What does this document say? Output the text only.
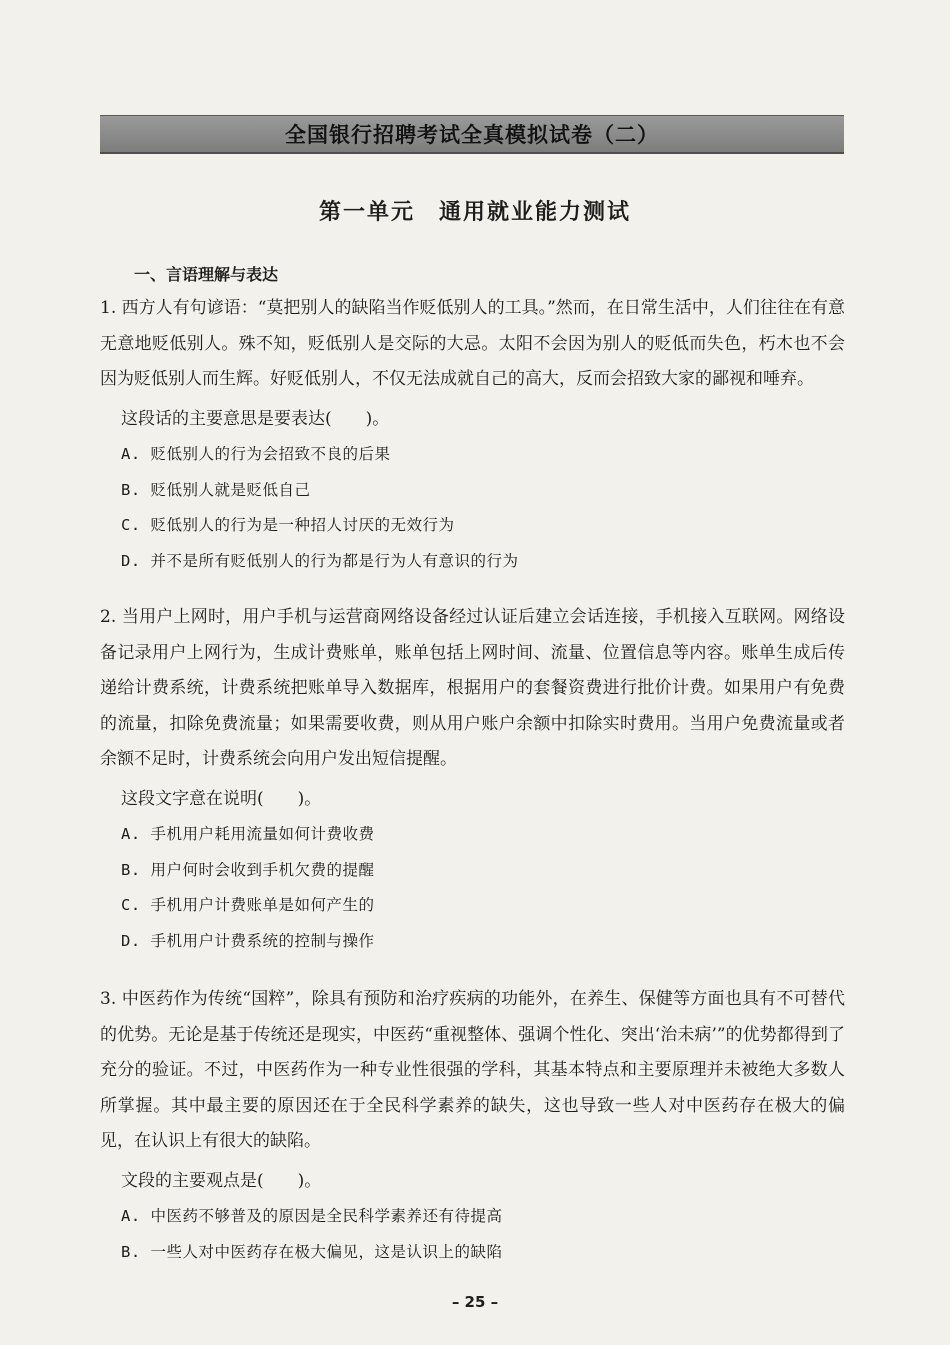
全国银行招聘考试全真模拟试卷（二）
第一单元　通用就业能力测试
一、言语理解与表达

1. 西方人有句谚语：“莫把别人的缺陷当作贬低别人的工具。”然而，在日常生活中，人们往往在有意无意地贬低别人。殊不知，贬低别人是交际的大忌。太阳不会因为别人的贬低而失色，朽木也不会因为贬低别人而生辉。好贬低别人，不仅无法成就自己的高大，反而会招致大家的鄙视和唾弃。

这段话的主要意思是要表达(　　)。

A. 贬低别人的行为会招致不良的后果

B. 贬低别人就是贬低自己

C. 贬低别人的行为是一种招人讨厌的无效行为

D. 并不是所有贬低别人的行为都是行为人有意识的行为

2. 当用户上网时，用户手机与运营商网络设备经过认证后建立会话连接，手机接入互联网。网络设备记录用户上网行为，生成计费账单，账单包括上网时间、流量、位置信息等内容。账单生成后传递给计费系统，计费系统把账单导入数据库，根据用户的套餐资费进行批价计费。如果用户有免费的流量，扣除免费流量；如果需要收费，则从用户账户余额中扣除实时费用。当用户免费流量或者余额不足时，计费系统会向用户发出短信提醒。

这段文字意在说明(　　)。

A. 手机用户耗用流量如何计费收费

B. 用户何时会收到手机欠费的提醒

C. 手机用户计费账单是如何产生的

D. 手机用户计费系统的控制与操作

3. 中医药作为传统“国粹”，除具有预防和治疗疾病的功能外，在养生、保健等方面也具有不可替代的优势。无论是基于传统还是现实，中医药“重视整体、强调个性化、突出‘治未病’”的优势都得到了充分的验证。不过，中医药作为一种专业性很强的学科，其基本特点和主要原理并未被绝大多数人所掌握。其中最主要的原因还在于全民科学素养的缺失，这也导致一些人对中医药存在极大的偏见，在认识上有很大的缺陷。

文段的主要观点是(　　)。

A. 中医药不够普及的原因是全民科学素养还有待提高

B. 一些人对中医药存在极大偏见，这是认识上的缺陷

– 25 –
